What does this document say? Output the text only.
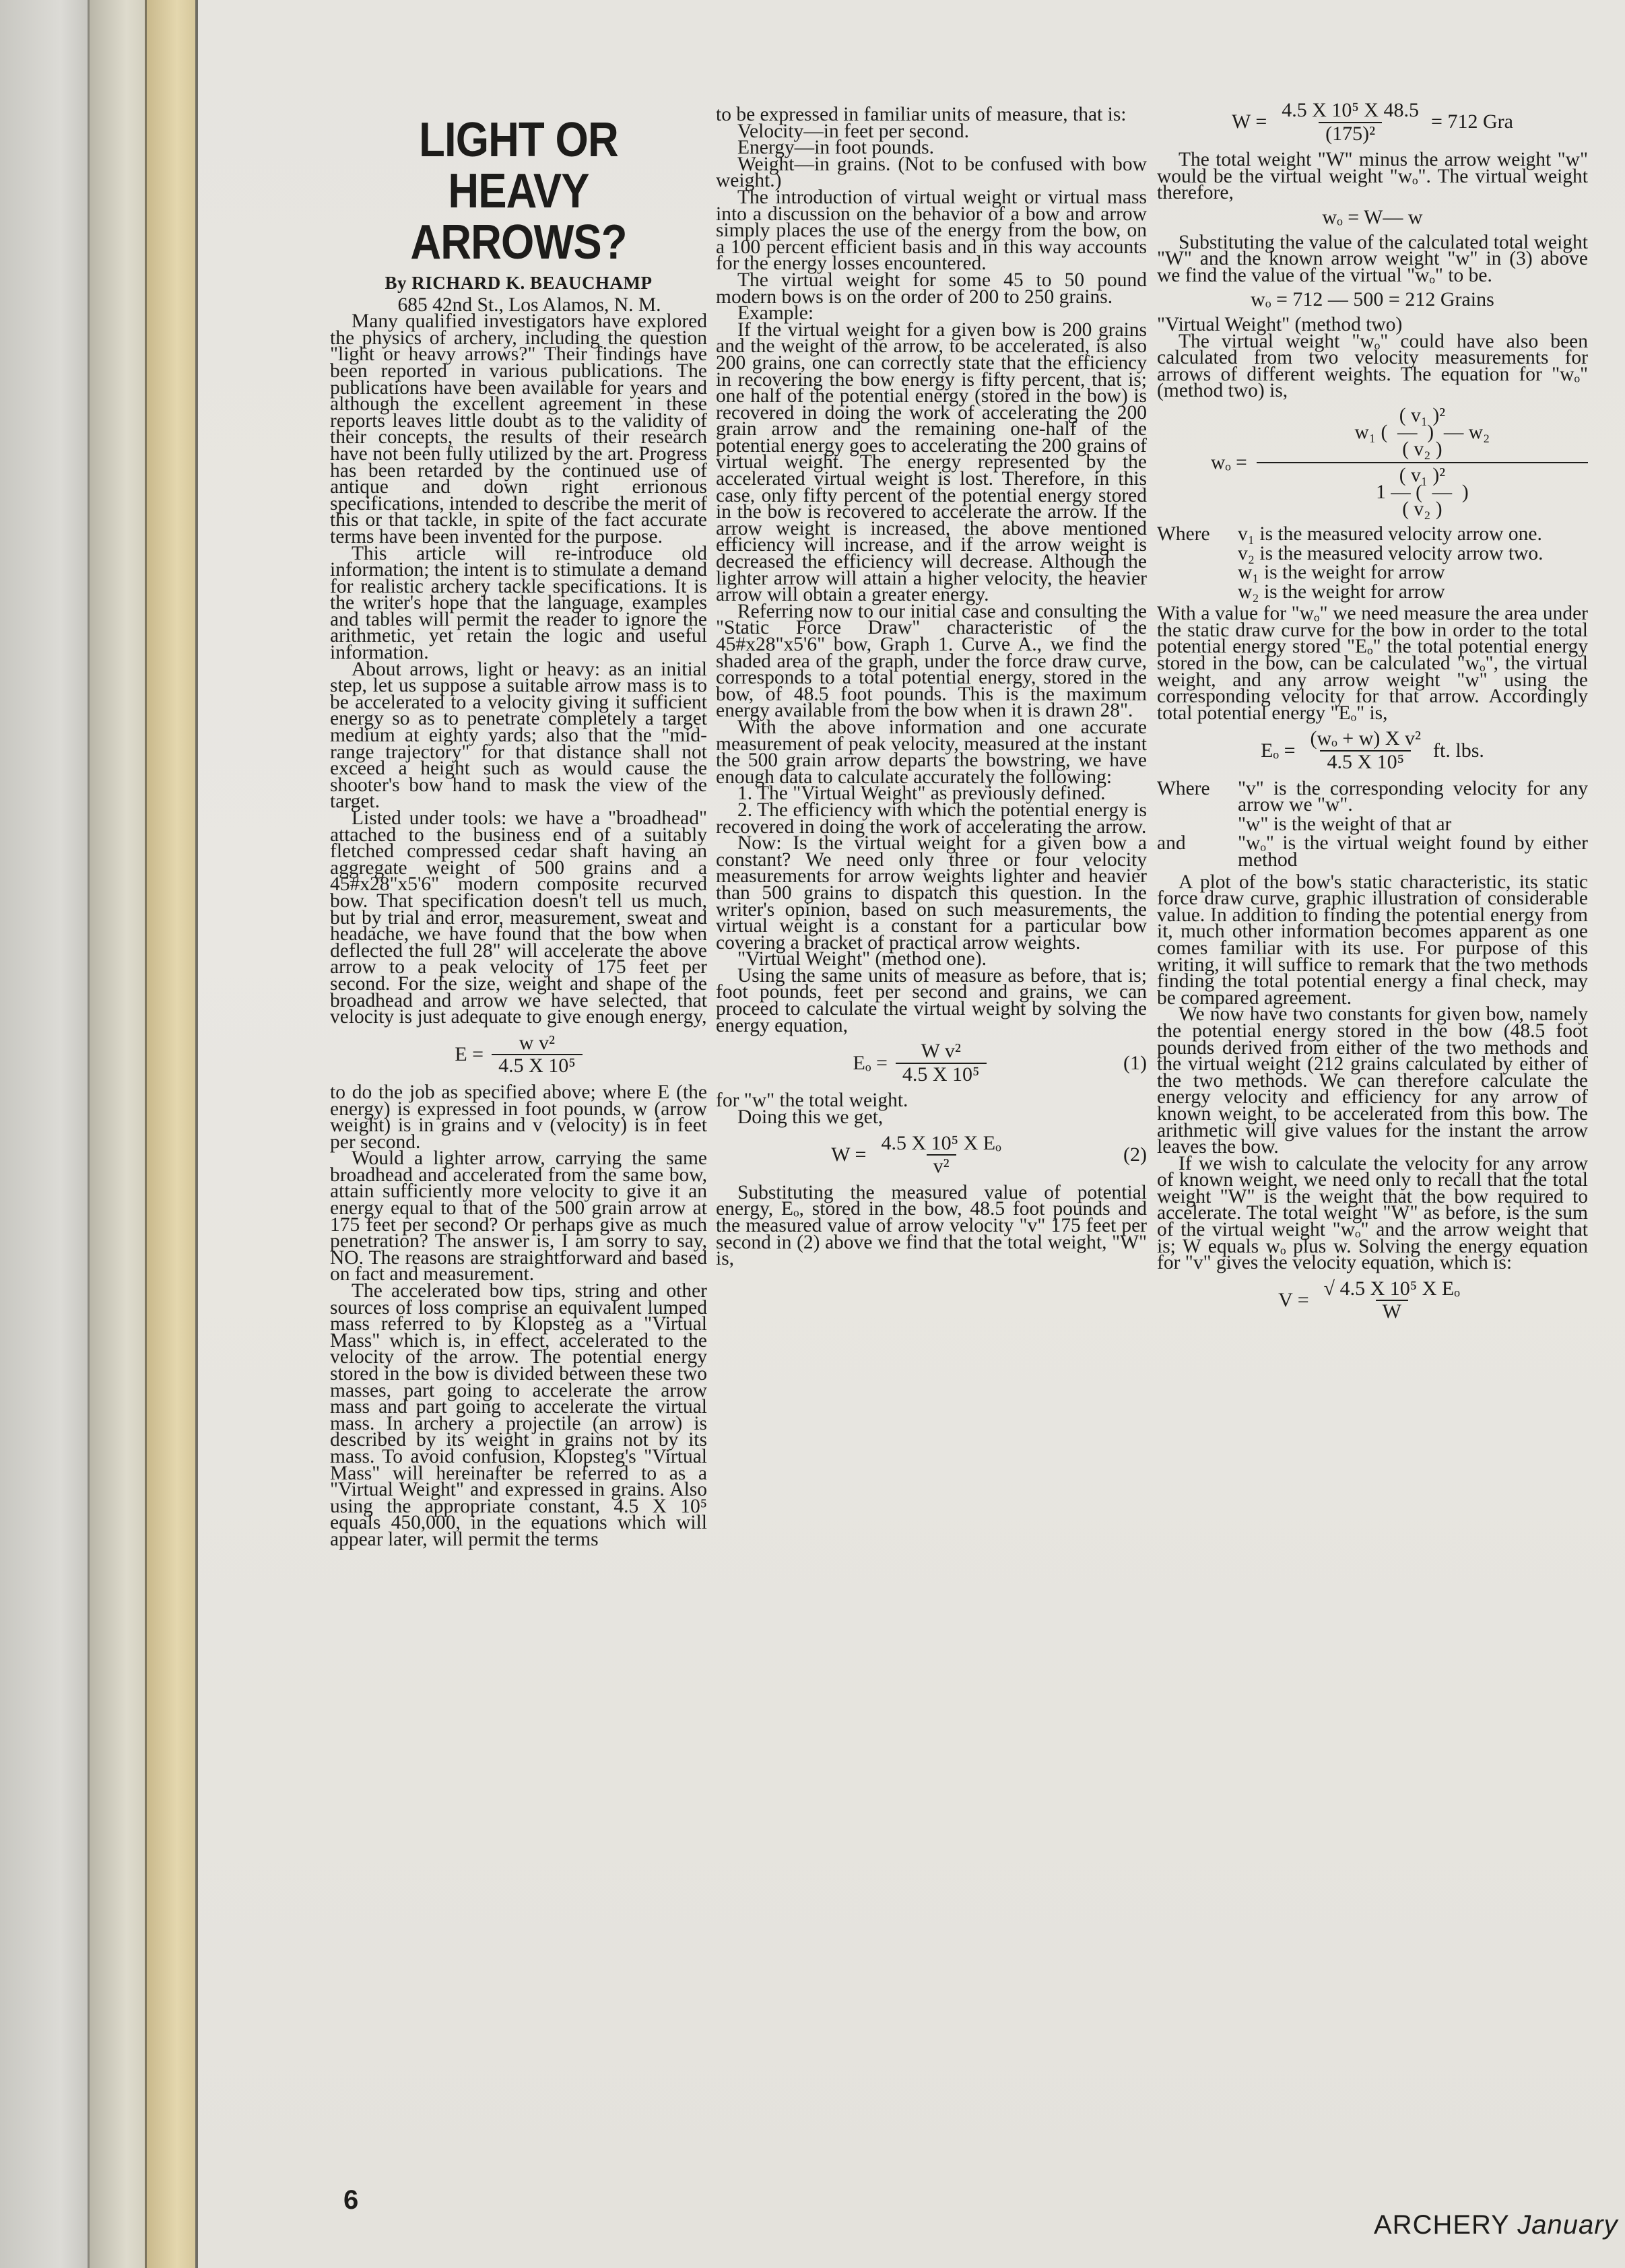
LIGHT OR HEAVY
ARROWS?
By RICHARD K. BEAUCHAMP

685 42nd St., Los Alamos, N. M.

Many qualified investigators have explored the physics of archery, including the question "light or heavy arrows?" Their findings have been reported in various publications. The publications have been available for years and although the excellent agreement in these reports leaves little doubt as to the validity of their concepts, the results of their research have not been fully utilized by the art. Progress has been retarded by the continued use of antique and down right errionous specifications, intended to describe the merit of this or that tackle, in spite of the fact accurate terms have been invented for the purpose.

This article will re-introduce old information; the intent is to stimulate a demand for realistic archery tackle specifications. It is the writer's hope that the language, examples and tables will permit the reader to ignore the arithmetic, yet retain the logic and useful information.

About arrows, light or heavy: as an initial step, let us suppose a suitable arrow mass is to be accelerated to a velocity giving it sufficient energy so as to penetrate completely a target medium at eighty yards; also that the "mid-range trajectory" for that distance shall not exceed a height such as would cause the shooter's bow hand to mask the view of the target.

Listed under tools: we have a "broadhead" attached to the business end of a suitably fletched compressed cedar shaft having an aggregate weight of 500 grains and a 45#x28"x5'6" modern composite recurved bow. That specification doesn't tell us much, but by trial and error, measurement, sweat and headache, we have found that the bow when deflected the full 28" will accelerate the above arrow to a peak velocity of 175 feet per second. For the size, weight and shape of the broadhead and arrow we have selected, that velocity is just adequate to give enough energy,

$E = \frac{\text{w v²}}{\text{4.5 X 10⁵}}$

to do the job as specified above; where E (the energy) is expressed in foot pounds, w (arrow weight) is in grains and v (velocity) is in feet per second.

Would a lighter arrow, carrying the same broadhead and accelerated from the same bow, attain sufficiently more velocity to give it an energy equal to that of the 500 grain arrow at 175 feet per second? Or perhaps give as much penetration? The answer is, I am sorry to say, NO. The reasons are straightforward and based on fact and measurement.

The accelerated bow tips, string and other sources of loss comprise an equivalent lumped mass referred to by Klopsteg as a "Virtual Mass" which is, in effect, accelerated to the velocity of the arrow. The potential energy stored in the bow is divided between these two masses, part going to accelerate the arrow mass and part going to accelerate the virtual mass. In archery a projectile (an arrow) is described by its weight in grains not by its mass. To avoid confusion, Klopsteg's "Virtual Mass" will hereinafter be referred to as a "Virtual Weight" and expressed in grains. Also using the appropriate constant, 4.5 X 10⁵ equals 450,000, in the equations which will appear later, will permit the terms

to be expressed in familiar units of measure, that is:

Velocity—in feet per second.

Energy—in foot pounds.

Weight—in grains. (Not to be confused with bow weight.)

The introduction of virtual weight or virtual mass into a discussion on the behavior of a bow and arrow simply places the use of the energy from the bow, on a 100 percent efficient basis and in this way accounts for the energy losses encountered.

The virtual weight for some 45 to 50 pound modern bows is on the order of 200 to 250 grains.

Example:

If the virtual weight for a given bow is 200 grains and the weight of the arrow, to be accelerated, is also 200 grains, one can correctly state that the efficiency in recovering the bow energy is fifty percent, that is; one half of the potential energy (stored in the bow) is recovered in doing the work of accelerating the 200 grain arrow and the remaining one-half of the potential energy goes to accelerating the 200 grains of virtual weight. The energy represented by the accelerated virtual weight is lost. Therefore, in this case, only fifty percent of the potential energy stored in the bow is recovered to accelerate the arrow. If the arrow weight is increased, the above mentioned efficiency will increase, and if the arrow weight is decreased the efficiency will decrease. Although the lighter arrow will attain a higher velocity, the heavier arrow will obtain a greater energy.

Referring now to our initial case and consulting the "Static Force Draw" characteristic of the 45#x28"x5'6" bow, Graph 1. Curve A., we find the shaded area of the graph, under the force draw curve, corresponds to a total potential energy, stored in the bow, of 48.5 foot pounds. This is the maximum energy available from the bow when it is drawn 28".

With the above information and one accurate measurement of peak velocity, measured at the instant the 500 grain arrow departs the bowstring, we have enough data to calculate accurately the following:

1. The "Virtual Weight" as previously defined.

2. The efficiency with which the potential energy is recovered in doing the work of accelerating the arrow.

Now: Is the virtual weight for a given bow a constant? We need only three or four velocity measurements for arrow weights lighter and heavier than 500 grains to dispatch this question. In the writer's opinion, based on such measurements, the virtual weight is a constant for a particular bow covering a bracket of practical arrow weights.

"Virtual Weight" (method one).

Using the same units of measure as before, that is; foot pounds, feet per second and grains, we can proceed to calculate the virtual weight by solving the energy equation,

$E_o = \frac{\text{W v²}}{\text{4.5 X 10⁵}}$	(1)

for "w" the total weight.

Doing this we get,

$W = \frac{\text{4.5 X 10⁵ X Eₒ}}{\text{v²}}$	(2)

Substituting the measured value of potential energy, Eₒ, stored in the bow, 48.5 foot pounds and the measured value of arrow velocity "v" 175 feet per second in (2) above we find that the total weight, "W" is,

$W = \frac{\text{4.5 X 10⁵ X 48.5}}{\text{(175)²}} = 712$ Gra

The total weight "W" minus the arrow weight "w" would be the virtual weight "wₒ". The virtual weight therefore,

wₒ = W— w

Substituting the value of the calculated total weight "W" and the known arrow weight "w" in (3) above we find the value of the virtual "wₒ" to be.

wₒ = 712 — 500 = 212 Grains

"Virtual Weight" (method two)

The virtual weight "wₒ" could have also been calculated from two velocity measurements for arrows of different weights. The equation for "wₒ" (method two) is,

wₒ =
( v₁ )²
w₁ (  —  )  — w₂
( v₂ )
( v₁ )²
1 — (  —  )
( v₂ )
Where	v₁ is the measured velocity arrow one.
v₂ is the measured velocity arrow two.
w₁ is the weight for arrow
w₂ is the weight for arrow

With a value for "wₒ" we need measure the area under the static draw curve for the bow in order to the total potential energy stored "Eₒ" the total potential energy stored in the bow, can be calculated "wₒ", the virtual weight, and any arrow weight "w" using the corresponding velocity for that arrow. Accordingly total potential energy "Eₒ" is,

$E_o = \frac{\text{(wₒ + w) X v²}}{\text{4.5 X 10⁵}}$ ft. lbs.
Where	"v" is the corresponding velocity for any arrow we "w".
"w" is the weight of that ar
and	"wₒ" is the virtual weight found by either method

A plot of the bow's static characteristic, its static force draw curve, graphic illustration of considerable value. In addition to finding the potential energy from it, much other information becomes apparent as one comes familiar with its use. For purpose of this writing, it will suffice to remark that the two methods finding the total potential energy a final check, may be compared agreement.

We now have two constants for given bow, namely the potential energy stored in the bow (48.5 foot pounds derived from either of the two methods and the virtual weight (212 grains calculated by either of the two methods. We can therefore calculate the energy velocity and efficiency for any arrow of known weight, to be accelerated from this bow. The arithmetic will give values for the instant the arrow leaves the bow.

If we wish to calculate the velocity for any arrow of known weight, we need only to recall that the total weight "W" is the weight that the bow required to accelerate. The total weight "W" as before, is the sum of the virtual weight "wₒ" and the arrow weight that is; W equals wₒ plus w. Solving the energy equation for "v" gives the velocity equation, which is:

$V = \frac{\text{√ 4.5 X 10⁵ X Eₒ}}{W}$
6
ARCHERY January
